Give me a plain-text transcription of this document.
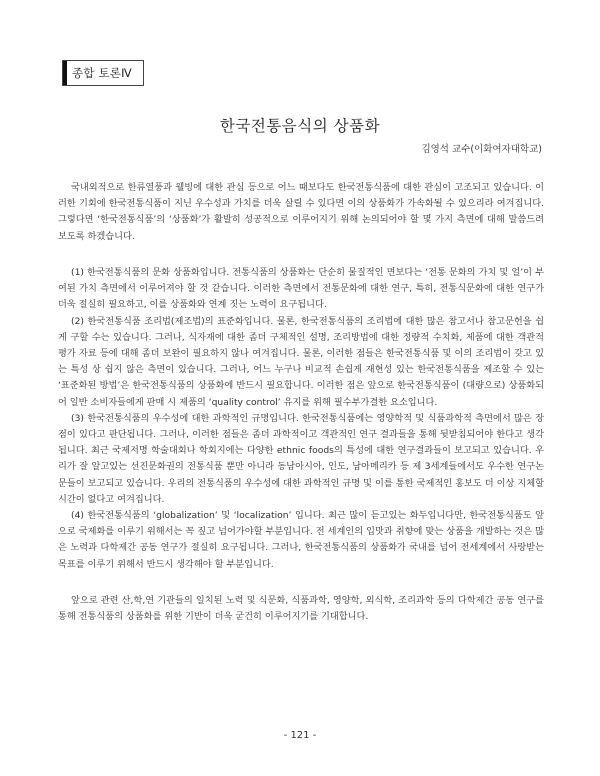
종합 토론Ⅳ
한국전통음식의 상품화
김영석 교수(이화여자대학교)

국내외적으로 한류열풍과 웰빙에 대한 관심 등으로 어느 때보다도 한국전통식품에 대한 관심이 고조되고 있습니다. 이러한 기회에 한국전통식품이 지닌 우수성과 가치를 더욱 살릴 수 있다면 이의 상품화가 가속화될 수 있으리라 여겨집니다. 그렇다면 ‘한국전통식품’의 ‘상품화’가 활발히 성공적으로 이루어지기 위해 논의되어야 할 몇 가지 측면에 대해 말씀드려 보도록 하겠습니다.

(1) 한국전통식품의 문화 상품화입니다. 전통식품의 상품화는 단순히 물질적인 면보다는 ‘전통 문화의 가치 및 얼’이 부여된 가치 측면에서 이루어져야 할 것 같습니다. 이러한 측면에서 전통문화에 대한 연구, 특히, 전통식문화에 대한 연구가 더욱 절실히 필요하고, 이를 상품화와 연계 짓는 노력이 요구됩니다.

(2) 한국전통식품 조리법(제조법)의 표준화입니다. 물론, 한국전통식품의 조리법에 대한 많은 참고서나 참고문헌을 쉽게 구할 수는 있습니다. 그러나, 식자재에 대한 좀더 구체적인 설명, 조리방법에 대한 정량적 수치화, 제품에 대한 객관적 평가 자료 등에 대해 좀더 보완이 필요하지 않나 여겨집니다. 물론, 이러한 점들은 한국전통식품 및 이의 조리법이 갖고 있는 특성 상 쉽지 않은 측면이 있습니다. 그러나, 어느 누구나 비교적 손쉽게 재현성 있는 한국전통식품을 제조할 수 있는 ‘표준화된 방법’은 한국전통식품의 상품화에 반드시 필요합니다. 이러한 점은 앞으로 한국전통식품이 (대량으로) 상품화되어 일반 소비자들에게 판매 시 제품의 ‘quality control’ 유지를 위해 필수부가결한 요소입니다.

(3) 한국전통식품의 우수성에 대한 과학적인 규명입니다. 한국전통식품에는 영양학적 및 식품과학적 측면에서 많은 장점이 있다고 판단됩니다. 그러나, 이러한 점들은 좀더 과학적이고 객관적인 연구 결과들을 통해 뒷받침되어야 한다고 생각됩니다. 최근 국제저명 학술대회나 학회지에는 다양한 ethnic foods의 특성에 대한 연구결과들이 보고되고 있습니다. 우리가 잘 알고있는 선진문화권의 전통식품 뿐만 아니라 동남아시아, 인도, 남아메리카 등 제 3세계들에서도 우수한 연구논문들이 보고되고 있습니다. 우리의 전통식품의 우수성에 대한 과학적인 규명 및 이를 통한 국제적인 홍보도 더 이상 지체할 시간이 없다고 여겨집니다.

(4) 한국전통식품의 ‘globalization’ 및 ‘localization’ 입니다. 최근 많이 듣고있는 화두입니다만, 한국전통식품도 앞으로 국제화를 이루기 위해서는 꼭 짚고 넘어가야할 부분입니다. 전 세계인의 입맛과 취향에 맞는 상품을 개발하는 것은 많은 노력과 다학제간 공동 연구가 절실히 요구됩니다. 그러나, 한국전통식품의 상품화가 국내를 넘어 전세계에서 사랑받는 목표를 이루기 위해서 반드시 생각해야 할 부분입니다.

앞으로 관련 산,학,연 기관들의 일치된 노력 및 식문화, 식품과학, 영양학, 외식학, 조리과학 등의 다학제간 공동 연구를 통해 전통식품의 상품화를 위한 기반이 더욱 굳건히 이루어지기를 기대합니다.

- 121 -
